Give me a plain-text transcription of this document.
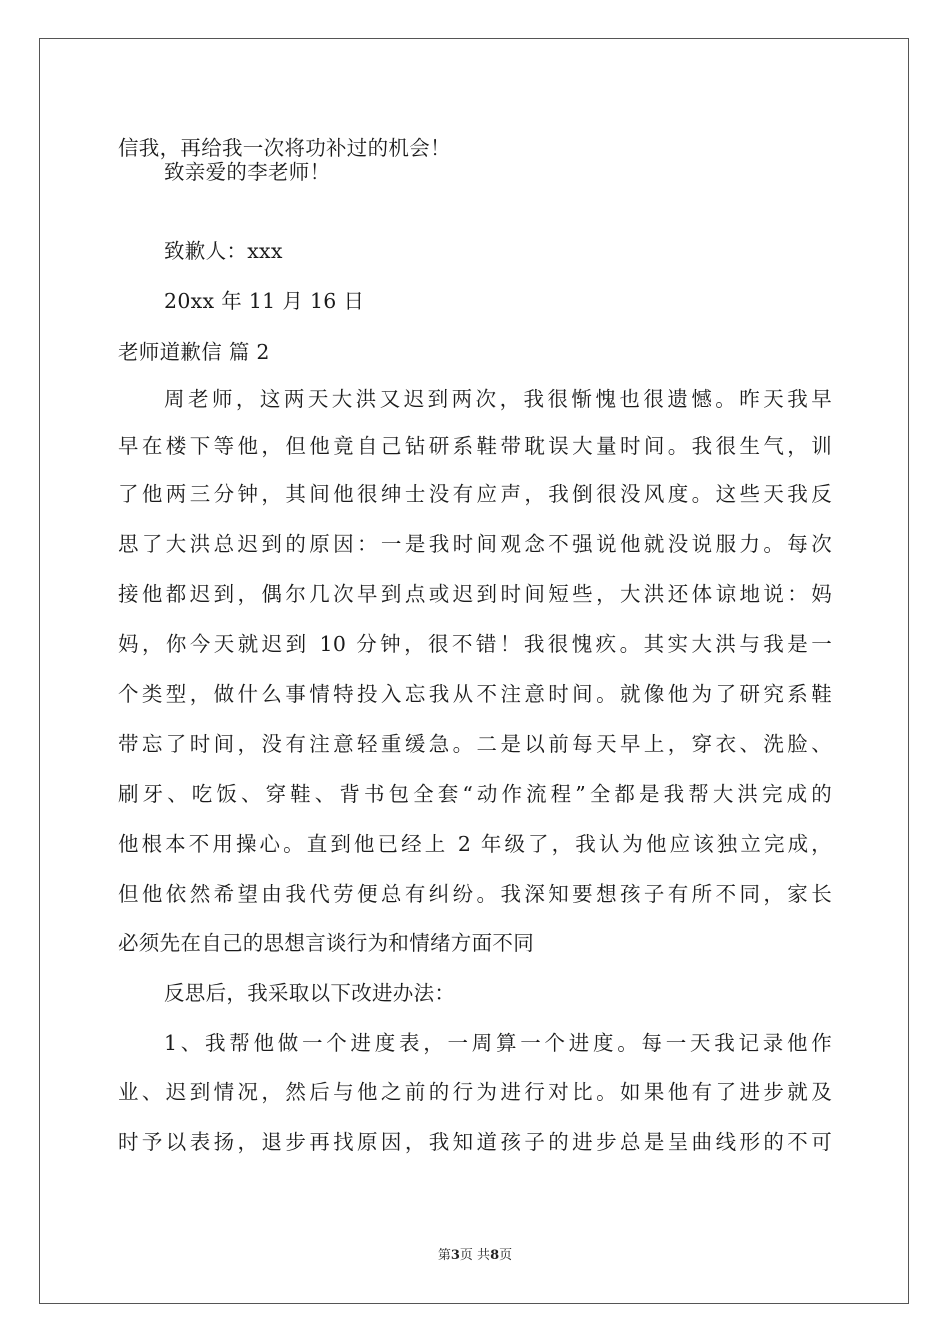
信我，再给我一次将功补过的机会！
致亲爱的李老师！
致歉人：xxx
20xx 年 11 月 16 日
老师道歉信 篇 2
周老师，这两天大洪又迟到两次，我很惭愧也很遗憾。昨天我早
早在楼下等他，但他竟自己钻研系鞋带耽误大量时间。我很生气，训
了他两三分钟，其间他很绅士没有应声，我倒很没风度。这些天我反
思了大洪总迟到的原因：一是我时间观念不强说他就没说服力。每次
接他都迟到，偶尔几次早到点或迟到时间短些，大洪还体谅地说：妈
妈，你今天就迟到 10 分钟，很不错！我很愧疚。其实大洪与我是一
个类型，做什么事情特投入忘我从不注意时间。就像他为了研究系鞋
带忘了时间，没有注意轻重缓急。二是以前每天早上，穿衣、洗脸、
刷牙、吃饭、穿鞋、背书包全套“动作流程”全都是我帮大洪完成的
他根本不用操心。直到他已经上 2 年级了，我认为他应该独立完成，
但他依然希望由我代劳便总有纠纷。我深知要想孩子有所不同，家长
必须先在自己的思想言谈行为和情绪方面不同
反思后，我采取以下改进办法：
1、我帮他做一个进度表，一周算一个进度。每一天我记录他作
业、迟到情况，然后与他之前的行为进行对比。如果他有了进步就及
时予以表扬，退步再找原因，我知道孩子的进步总是呈曲线形的不可
第3页 共8页
